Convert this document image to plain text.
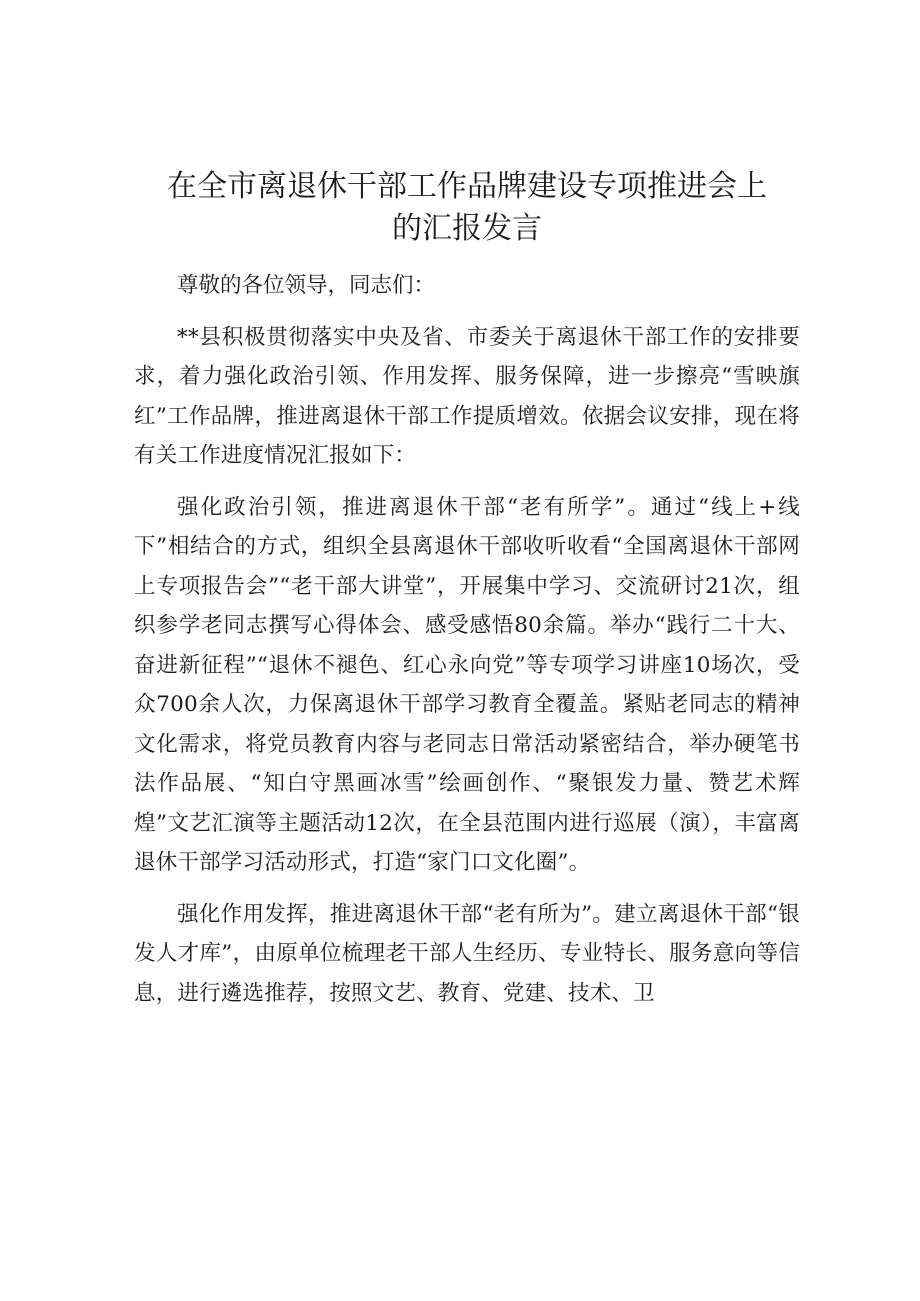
在全市离退休干部工作品牌建设专项推进会上
的汇报发言

尊敬的各位领导，同志们：

**县积极贯彻落实中央及省、市委关于离退休干部工作的安排要求，着力强化政治引领、作用发挥、服务保障，进一步擦亮“雪映旗红”工作品牌，推进离退休干部工作提质增效。依据会议安排，现在将有关工作进度情况汇报如下：

强化政治引领，推进离退休干部“老有所学”。通过“线上+线下”相结合的方式，组织全县离退休干部收听收看“全国离退休干部网上专项报告会”“老干部大讲堂”，开展集中学习、交流研讨21次，组织参学老同志撰写心得体会、感受感悟80余篇。举办“践行二十大、奋进新征程”“退休不褪色、红心永向党”等专项学习讲座10场次，受众700余人次，力保离退休干部学习教育全覆盖。紧贴老同志的精神文化需求，将党员教育内容与老同志日常活动紧密结合，举办硬笔书法作品展、“知白守黑画冰雪”绘画创作、“聚银发力量、赞艺术辉煌”文艺汇演等主题活动12次，在全县范围内进行巡展（演），丰富离退休干部学习活动形式，打造“家门口文化圈”。

强化作用发挥，推进离退休干部“老有所为”。建立离退休干部“银发人才库”，由原单位梳理老干部人生经历、专业特长、服务意向等信息，进行遴选推荐，按照文艺、教育、党建、技术、卫
